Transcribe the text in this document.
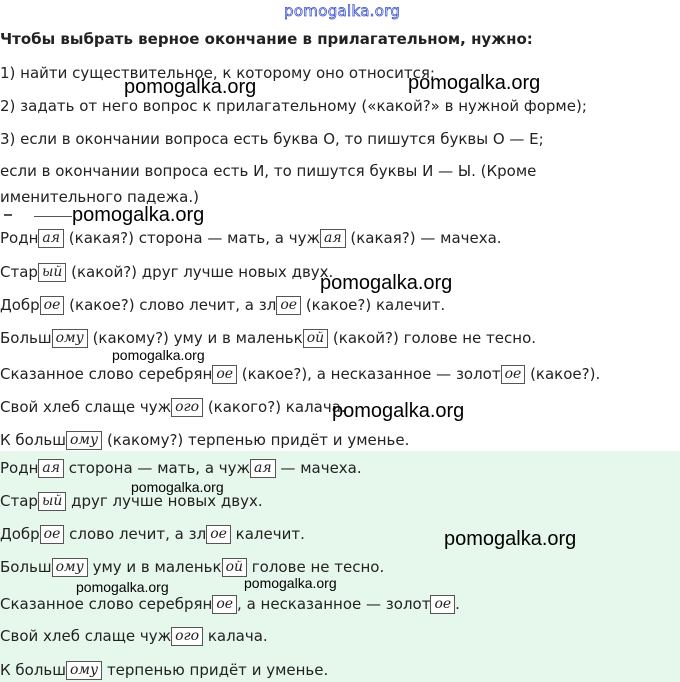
pomogalka.org
Чтобы выбрать верное окончание в прилагательном, нужно:
1) найти существительное, к которому оно относится;
2) задать от него вопрос к прилагательному («какой?» в нужной форме);
3) если в окончании вопроса есть буква О, то пишутся буквы О — Е;
если в окончании вопроса есть И, то пишутся буквы И — Ы. (Кроме именительного падежа.)
Родн ая (какая?) сторона — мать, а чуж ая (какая?) — мачеха.
Стар ый (какой?) друг лучше новых двух.
Добр ое (какое?) слово лечит, а зл ое (какое?) калечит.
Больш ому (какому?) уму и в маленьк ой (какой?) голове не тесно.
Сказанное слово серебрян ое (какое?), а несказанное — золот ое (какое?).
Свой хлеб слаще чуж ого (какого?) калача.
К больш ому (какому?) терпенью придёт и уменье.
Родн ая сторона — мать, а чуж ая — мачеха.
Стар ый друг лучше новых двух.
Добр ое слово лечит, а зл ое калечит.
Больш ому уму и в маленьк ой голове не тесно.
Сказанное слово серебрян ое , а несказанное — золот ое .
Свой хлеб слаще чуж ого калача.
К больш ому терпенью придёт и уменье.
pomogalka.org	pomogalka.org
pomogalka.org
pomogalka.org
pomogalka.org
pomogalka.org
pomogalka.org
pomogalka.org
pomogalka.org	pomogalka.org
